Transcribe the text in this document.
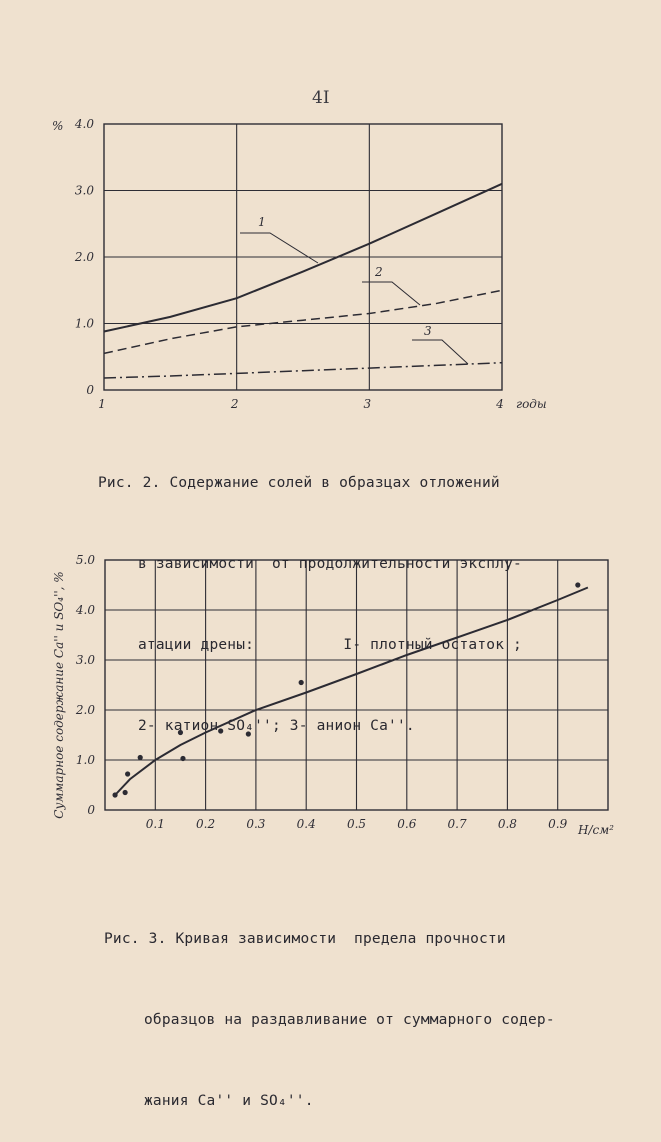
4I
0
1.0
2.0
3.0
4.0
1	2	3	4
%
годы
1
2
3
0
1.0
2.0
3.0
4.0
5.0
0.1	0.2	0.3	0.4	0.5	0.6	0.7	0.8	0.9 Н/см²
Суммарное содержание Ca'' и SO₄'', %

Рис. 2. Содержание солей в образцах отложений

в зависимости  от продолжительности эксплу-

атации дрены:          I- плотный остаток ;

2- катион SO₄''; 3- анион Ca''.

Рис. 3. Кривая зависимости  предела прочности

образцов на раздавливание от суммарного содер-

жания Ca'' и SO₄''.
